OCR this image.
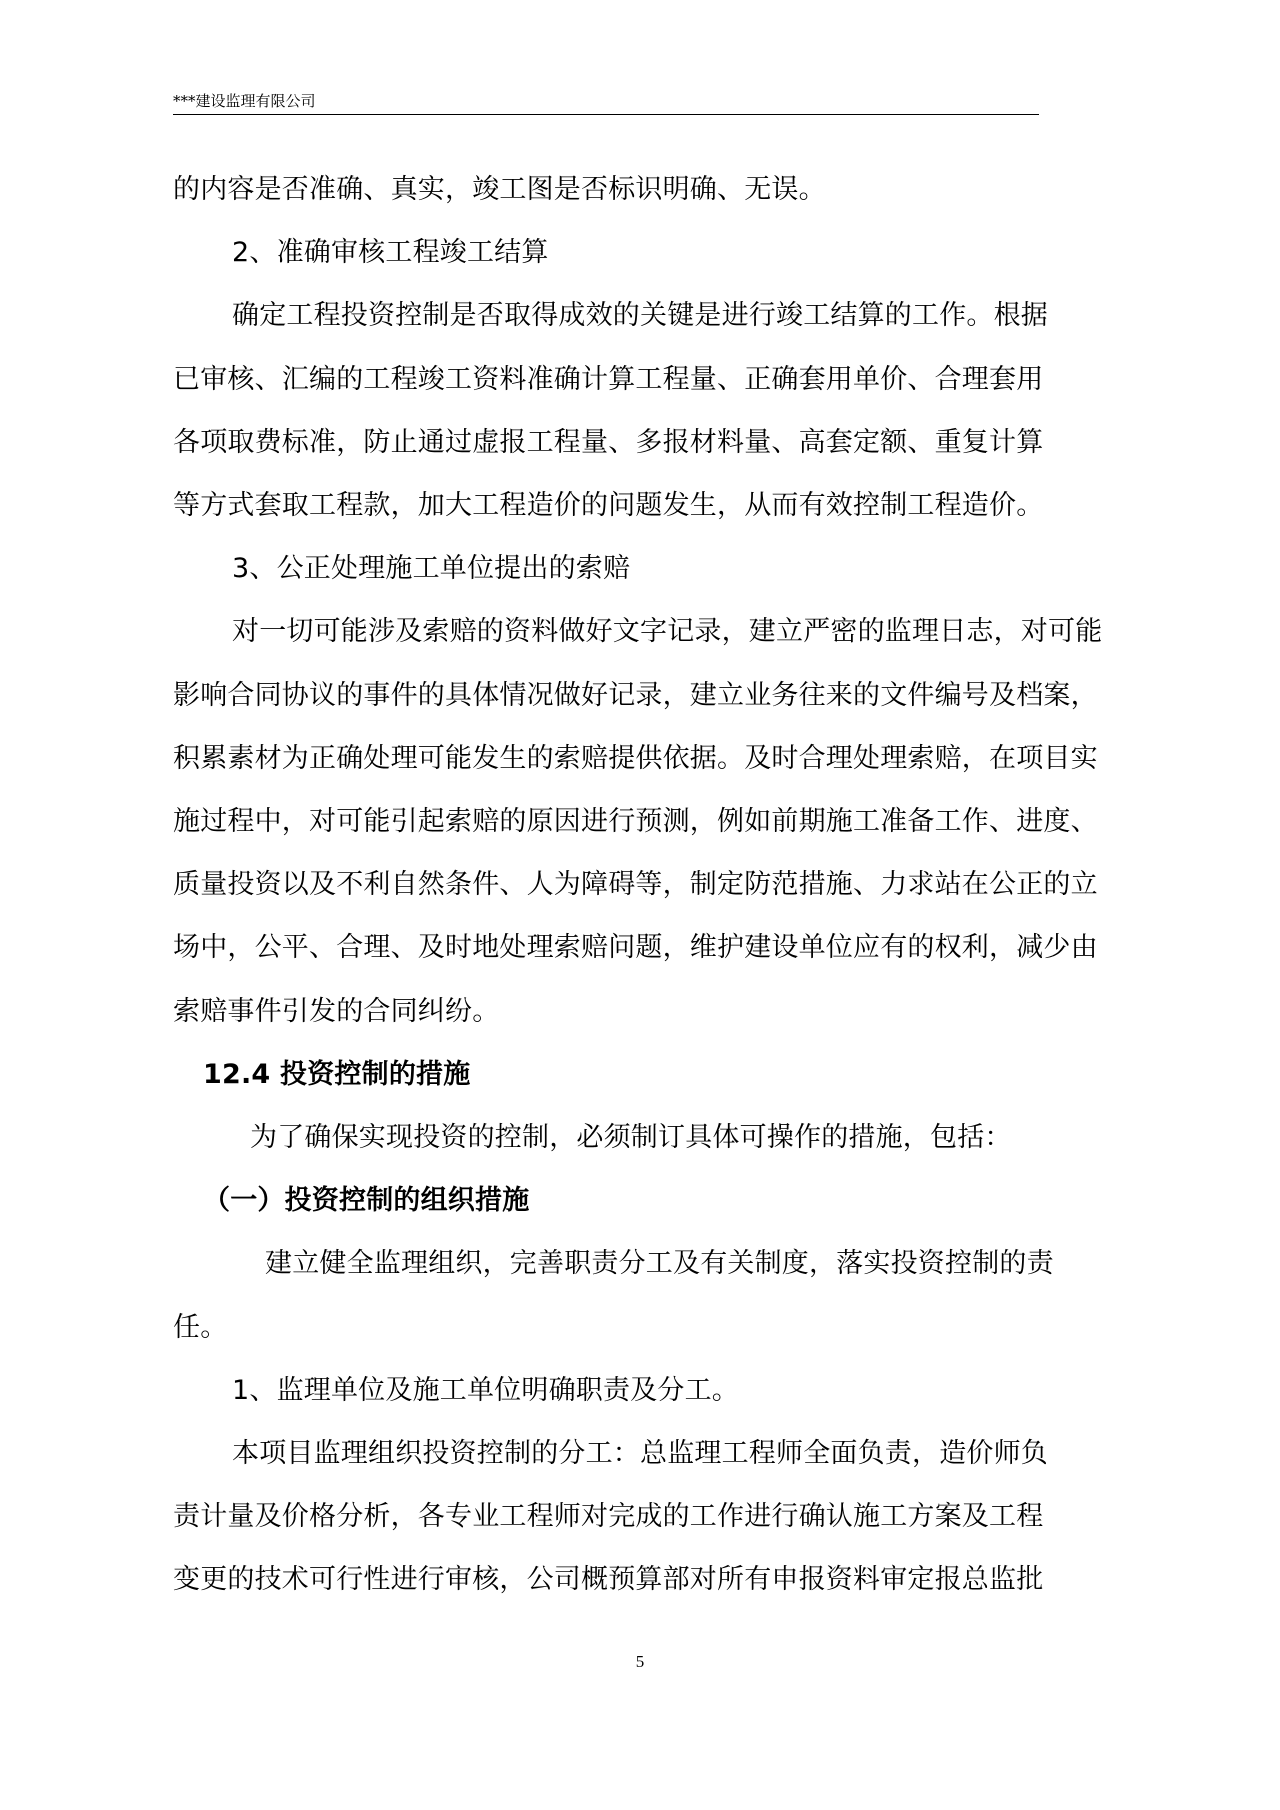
***建设监理有限公司
的内容是否准确、真实，竣工图是否标识明确、无误。
2、准确审核工程竣工结算
确定工程投资控制是否取得成效的关键是进行竣工结算的工作。根据
已审核、汇编的工程竣工资料准确计算工程量、正确套用单价、合理套用
各项取费标准，防止通过虚报工程量、多报材料量、高套定额、重复计算
等方式套取工程款，加大工程造价的问题发生，从而有效控制工程造价。
3、公正处理施工单位提出的索赔
对一切可能涉及索赔的资料做好文字记录，建立严密的监理日志，对可能
影响合同协议的事件的具体情况做好记录，建立业务往来的文件编号及档案，
积累素材为正确处理可能发生的索赔提供依据。及时合理处理索赔，在项目实
施过程中，对可能引起索赔的原因进行预测，例如前期施工准备工作、进度、
质量投资以及不利自然条件、人为障碍等，制定防范措施、力求站在公正的立
场中，公平、合理、及时地处理索赔问题，维护建设单位应有的权利，减少由
索赔事件引发的合同纠纷。
12.4 投资控制的措施
为了确保实现投资的控制，必须制订具体可操作的措施，包括：
（一）投资控制的组织措施
建立健全监理组织，完善职责分工及有关制度，落实投资控制的责
任。
1、监理单位及施工单位明确职责及分工。
本项目监理组织投资控制的分工：总监理工程师全面负责，造价师负
责计量及价格分析，各专业工程师对完成的工作进行确认施工方案及工程
5
变更的技术可行性进行审核，公司概预算部对所有申报资料审定报总监批
